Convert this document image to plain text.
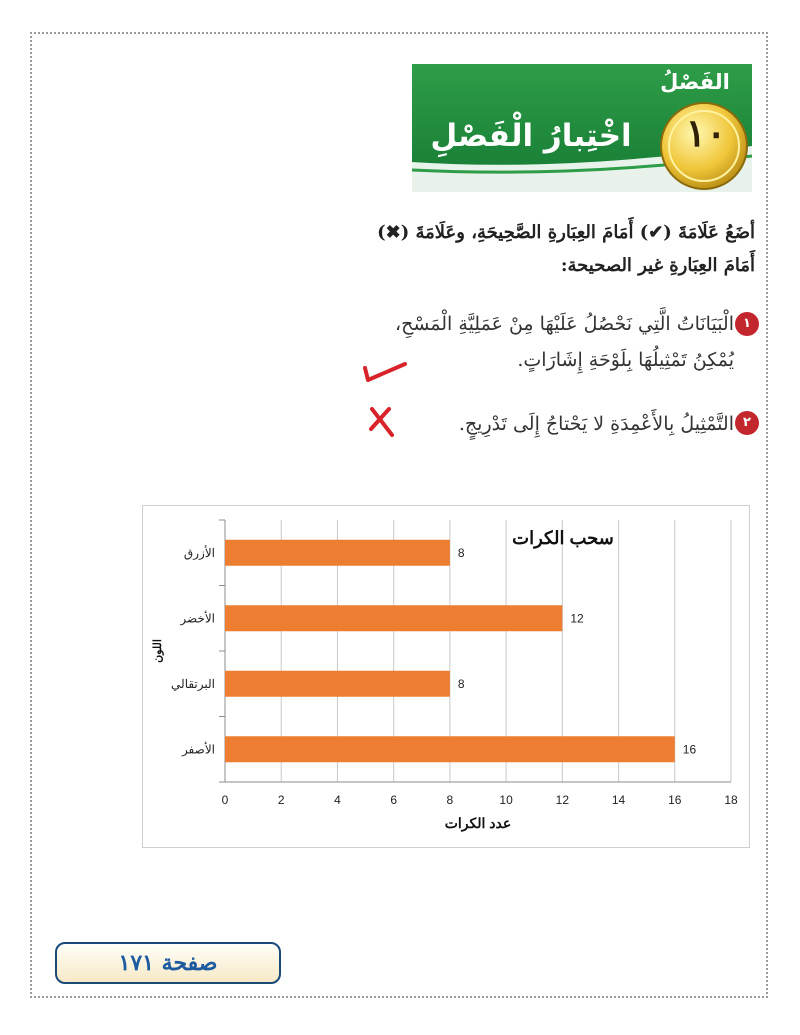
الفَصْلُ
١٠
اخْتِبارُ الْفَصْلِ
أضَعُ عَلَامَةَ (✔) أَمَامَ العِبَارةِ الصَّحِيحَةِ، وعَلَامَةَ (✖) أَمَامَ العِبَارةِ غير الصحيحة:
١
الْبَيَانَاتُ الَّتِي نَحْصُلُ عَلَيْهَا مِنْ عَمَلِيَّةِ الْمَسْحِ، يُمْكِنُ تَمْثِيلُهَا بِلَوْحَةِ إِشَارَاتٍ.
٢
التَّمْثِيلُ بِالأَعْمِدَةِ لا يَحْتاجُ إِلَى تَدْرِيجٍ.
0	2	4	6	8	10	12	14	16	18
8
الأزرق
12
الأخضر
8
البرتقالي
16
الأصفر
عدد الكرات
اللون
سحب الكرات
صفحة ١٧١
